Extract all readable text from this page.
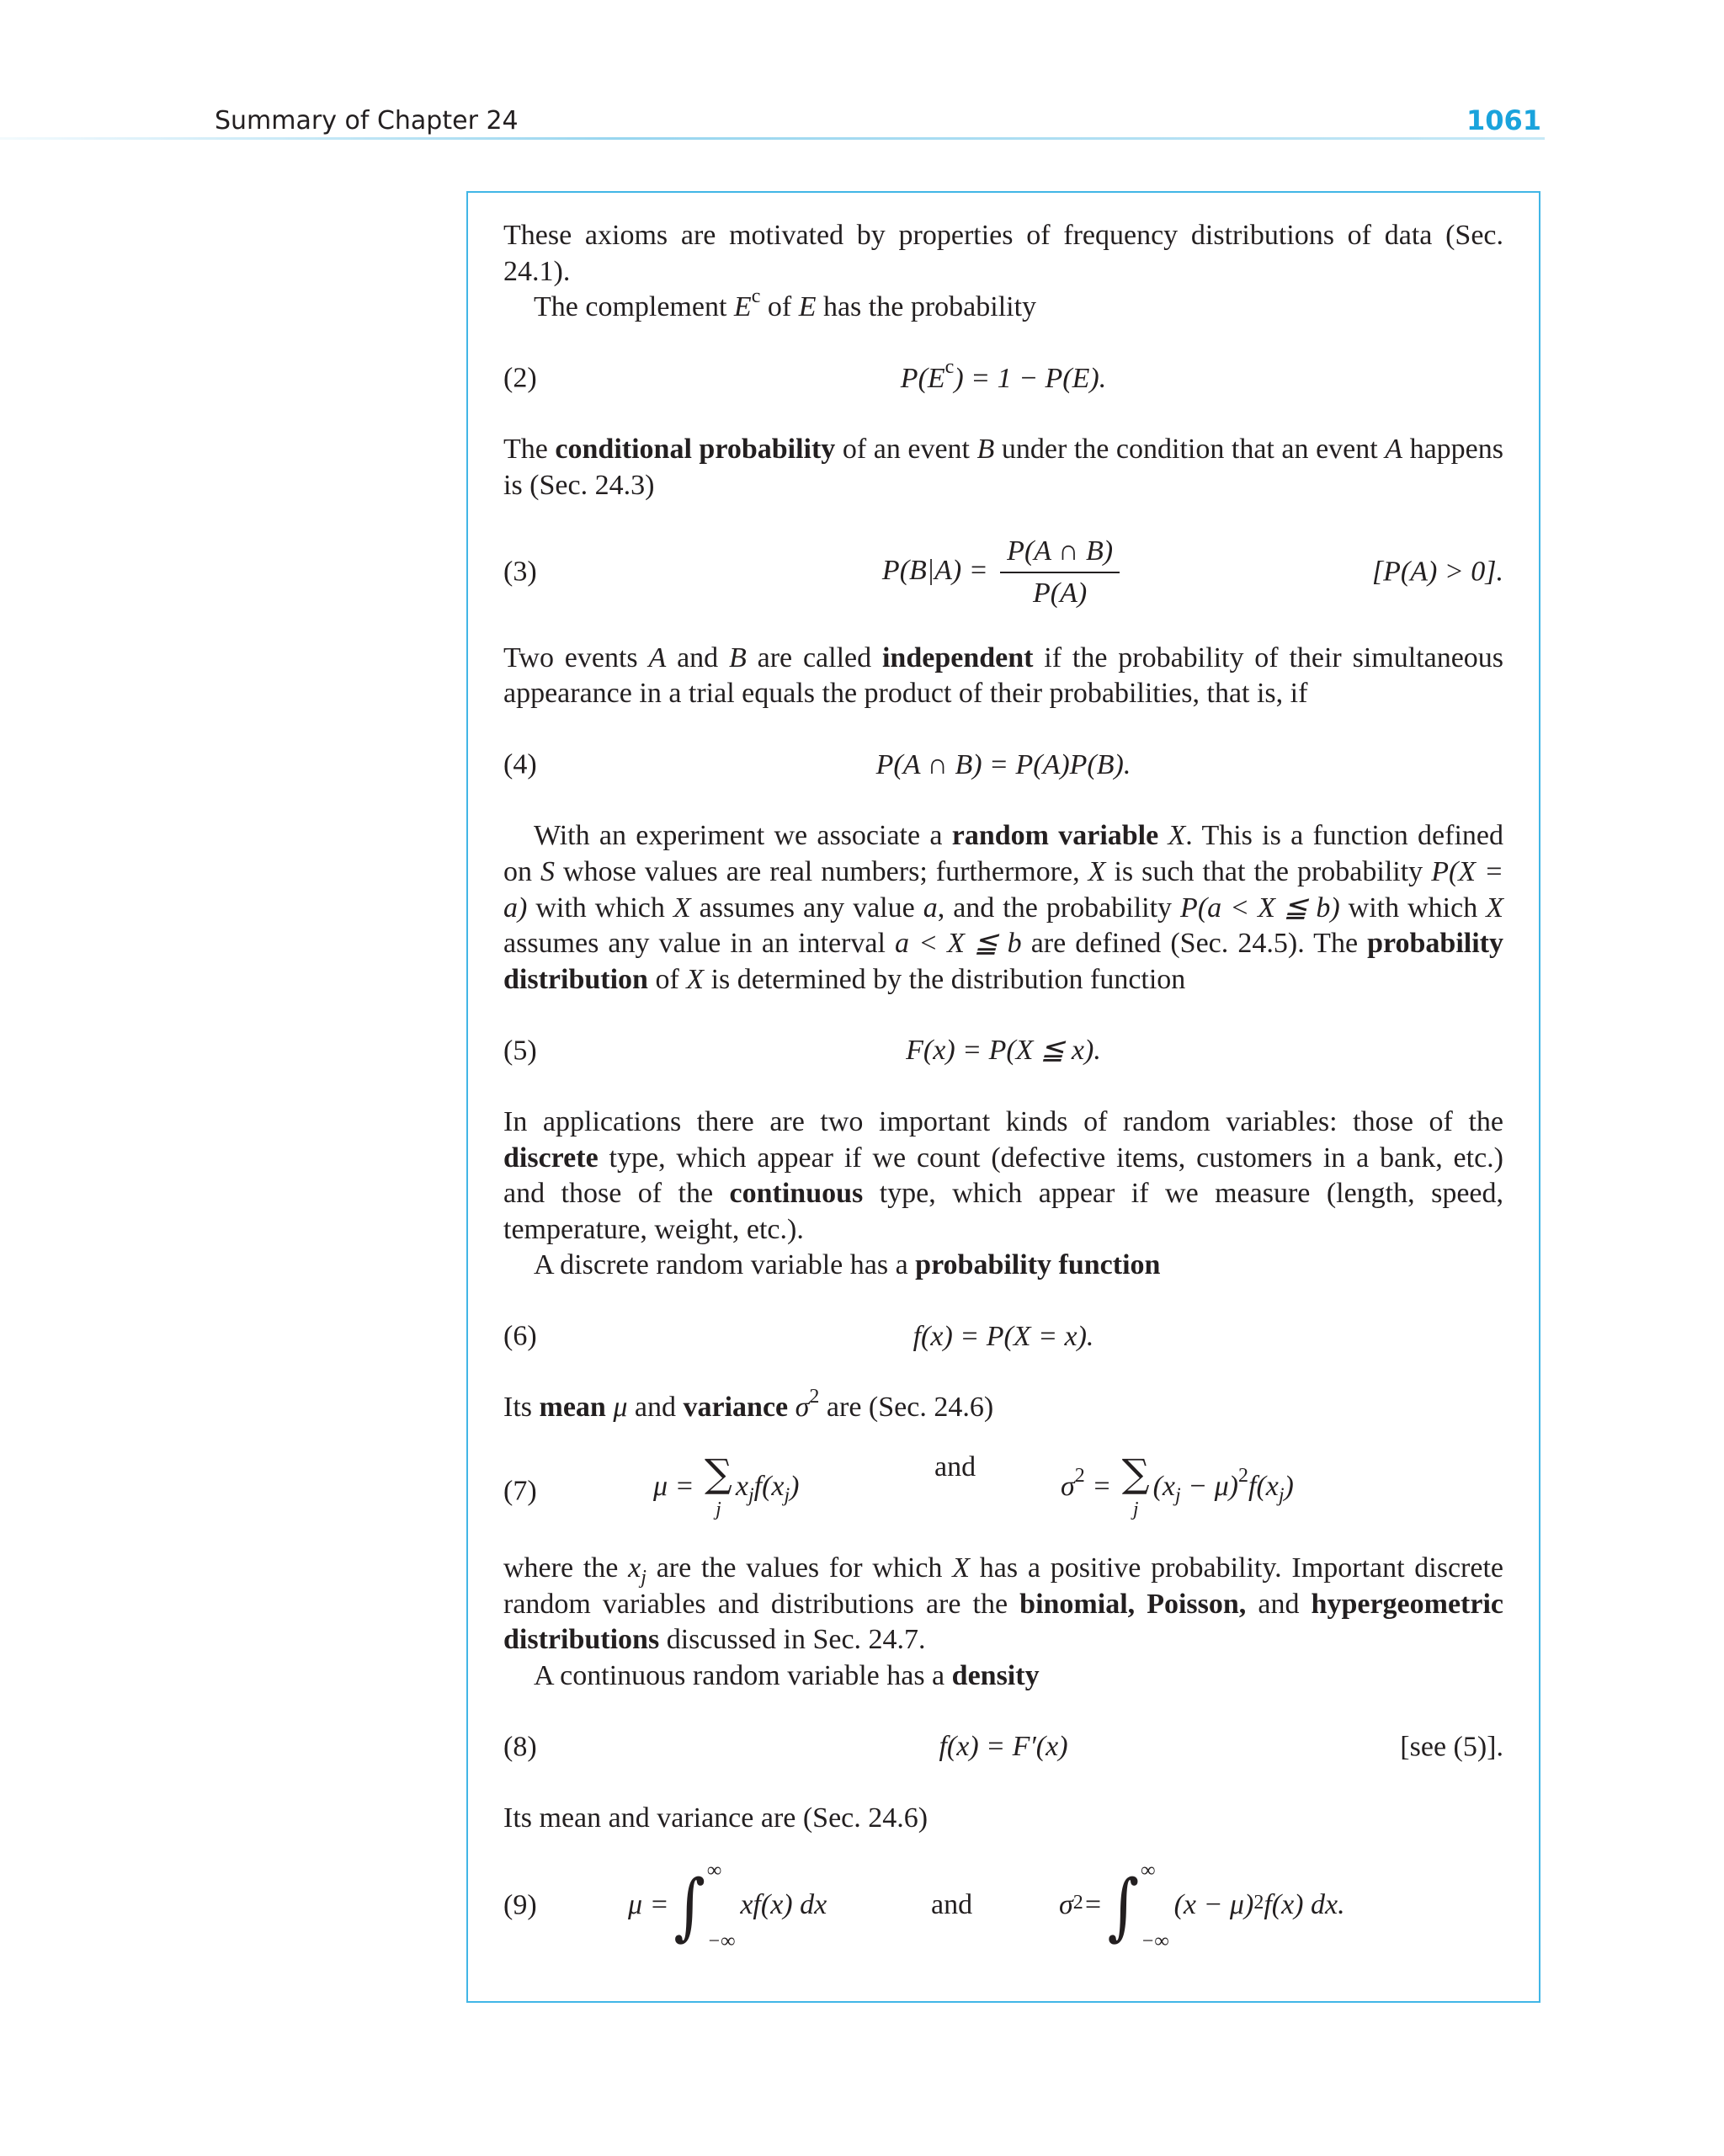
Summary of Chapter 24	1061

These axioms are motivated by properties of frequency distributions of data (Sec. 24.1).

The complement $E^c$ of E has the probability

(2)	$P(E^c) = 1 - P(E)$.

The conditional probability of an event B under the condition that an event A happens is (Sec. 24.3)

(3)	$P(B|A) = \frac{P(A \cap B)}{P(A)}$	[P(A) > 0].

Two events A and B are called independent if the probability of their simultaneous appearance in a trial equals the product of their probabilities, that is, if

(4)	P(A ∩ B) = P(A)P(B).

With an experiment we associate a random variable X. This is a function defined on S whose values are real numbers; furthermore, X is such that the probability P(X = a) with which X assumes any value a, and the probability P(a < X ≦ b) with which X assumes any value in an interval a < X ≦ b are defined (Sec. 24.5). The probability distribution of X is determined by the distribution function

(5)	F(x) = P(X ≦ x).

In applications there are two important kinds of random variables: those of the discrete type, which appear if we count (defective items, customers in a bank, etc.) and those of the continuous type, which appear if we measure (length, speed, temperature, weight, etc.).

A discrete random variable has a probability function

(6)	f(x) = P(X = x).

Its mean μ and variance $\sigma^2$ are (Sec. 24.6)

(7)	μ = ∑
j
$x_jf(x_j)$
and
$\sigma^2$ = ∑
j
$(x_j - \mu)^2f(x_j)$

where the $x_j$ are the values for which X has a positive probability. Important discrete random variables and distributions are the binomial, Poisson, and hypergeometric distributions discussed in Sec. 24.7.

A continuous random variable has a density

(8)	f(x) = F′(x)	[see (5)].

Its mean and variance are (Sec. 24.6)

(9)	μ = ∫ ∞
−∞
xf(x) dx	and	$\sigma^2$ = ∫ ∞
−∞
$(x - \mu)^2$ f(x) dx.
